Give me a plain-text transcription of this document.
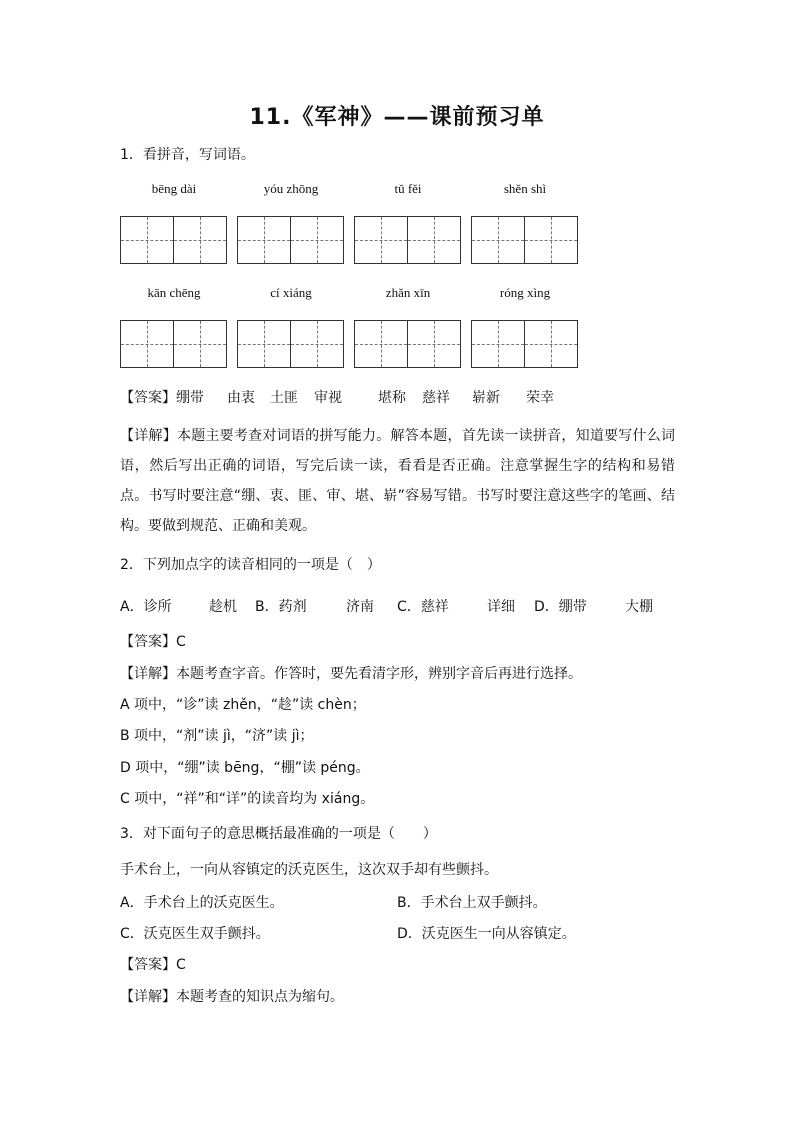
11.《军神》——课前预习单
1．看拼音，写词语。
bēng dài	yóu zhōng	tǔ fěi	shěn shì
kān chēng	cí xiáng	zhǎn xīn	róng xìng
【答案】 绷带 由衷 土匪 审视	堪称 慈祥 崭新 荣幸
【详解】本题主要考查对词语的拼写能力。解答本题，首先读一读拼音，知道要写什么词语，然后写出正确的词语，写完后读一读，看看是否正确。注意掌握生字的结构和易错点。书写时要注意“绷、衷、匪、审、堪、崭”容易写错。书写时要注意这些字的笔画、结构。要做到规范、正确和美观。
2．下列加点字的读音相同的一项是（　）
A．诊所	趁机 B．药剂	济南 C．慈祥	详细 D．绷带	大棚
【答案】C
【详解】本题考查字音。作答时，要先看清字形，辨别字音后再进行选择。
A 项中，“诊”读 zhěn，“趁”读 chèn；
B 项中，“剂”读 jì，“济”读 jì；
D 项中，“绷”读 bēng，“棚”读 péng。
C 项中，“祥”和“详”的读音均为 xiáng。
3．对下面句子的意思概括最准确的一项是（　　）
手术台上，一向从容镇定的沃克医生，这次双手却有些颤抖。
A．手术台上的沃克医生。	B．手术台上双手颤抖。
C．沃克医生双手颤抖。	D．沃克医生一向从容镇定。
【答案】C
【详解】本题考查的知识点为缩句。
